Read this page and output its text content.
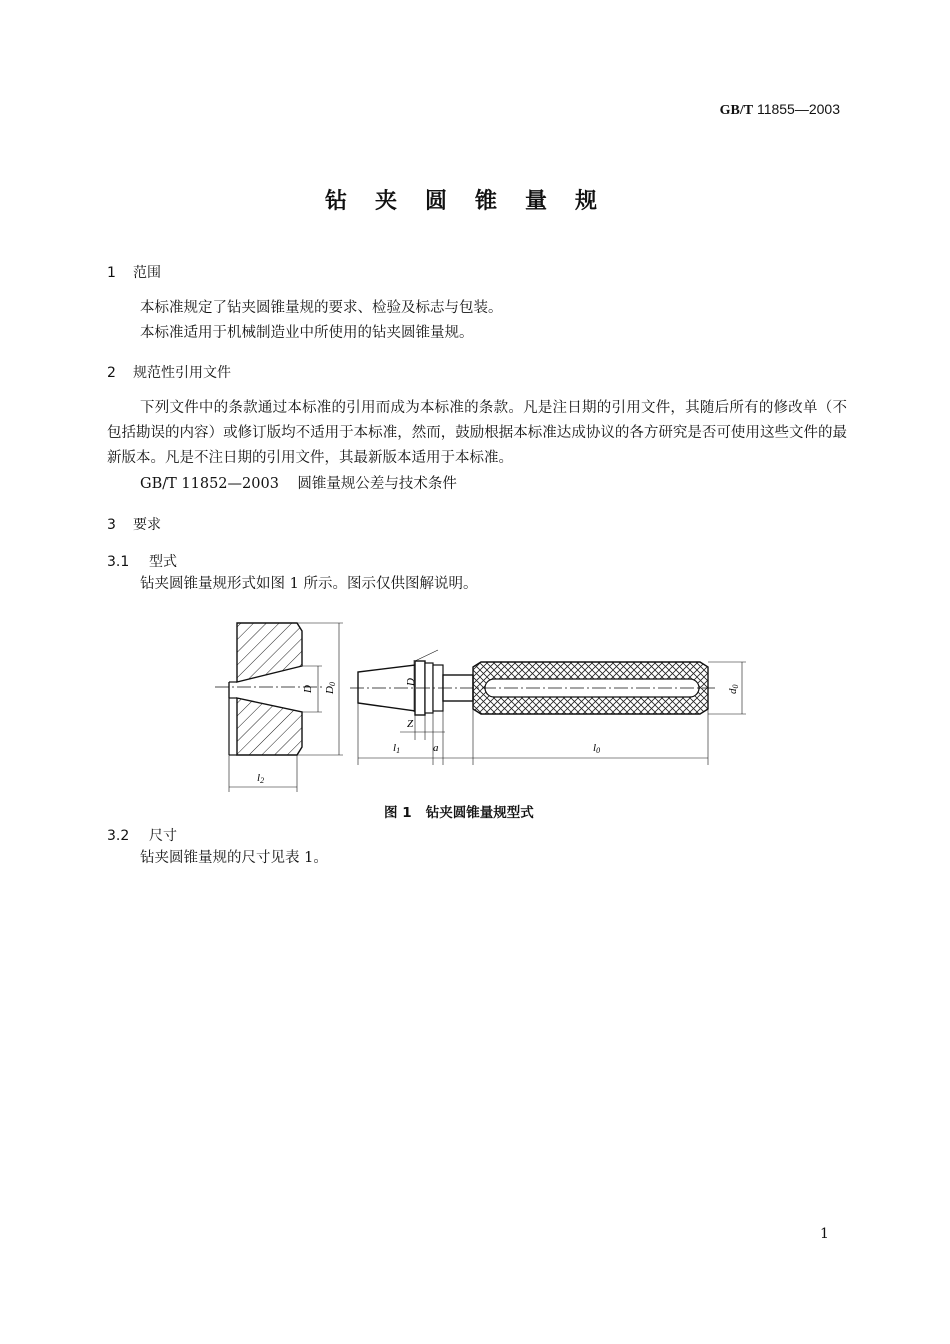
GB/T 11855—2003
钻夹圆锥量规
1 范围
本标准规定了钻夹圆锥量规的要求、检验及标志与包装。
本标准适用于机械制造业中所使用的钻夹圆锥量规。
2 规范性引用文件
下列文件中的条款通过本标准的引用而成为本标准的条款。凡是注日期的引用文件，其随后所有的修改单（不包括勘误的内容）或修订版均不适用于本标准，然而，鼓励根据本标准达成协议的各方研究是否可使用这些文件的最新版本。凡是不注日期的引用文件，其最新版本适用于本标准。
GB/T 11852—2003 圆锥量规公差与技术条件
3 要求
3.1 型式
钻夹圆锥量规形式如图 1 所示。图示仅供图解说明。
D D0
l2
D
Z
l1	a	l0
d0
图 1 钻夹圆锥量规型式
3.2 尺寸
钻夹圆锥量规的尺寸见表 1。
1
